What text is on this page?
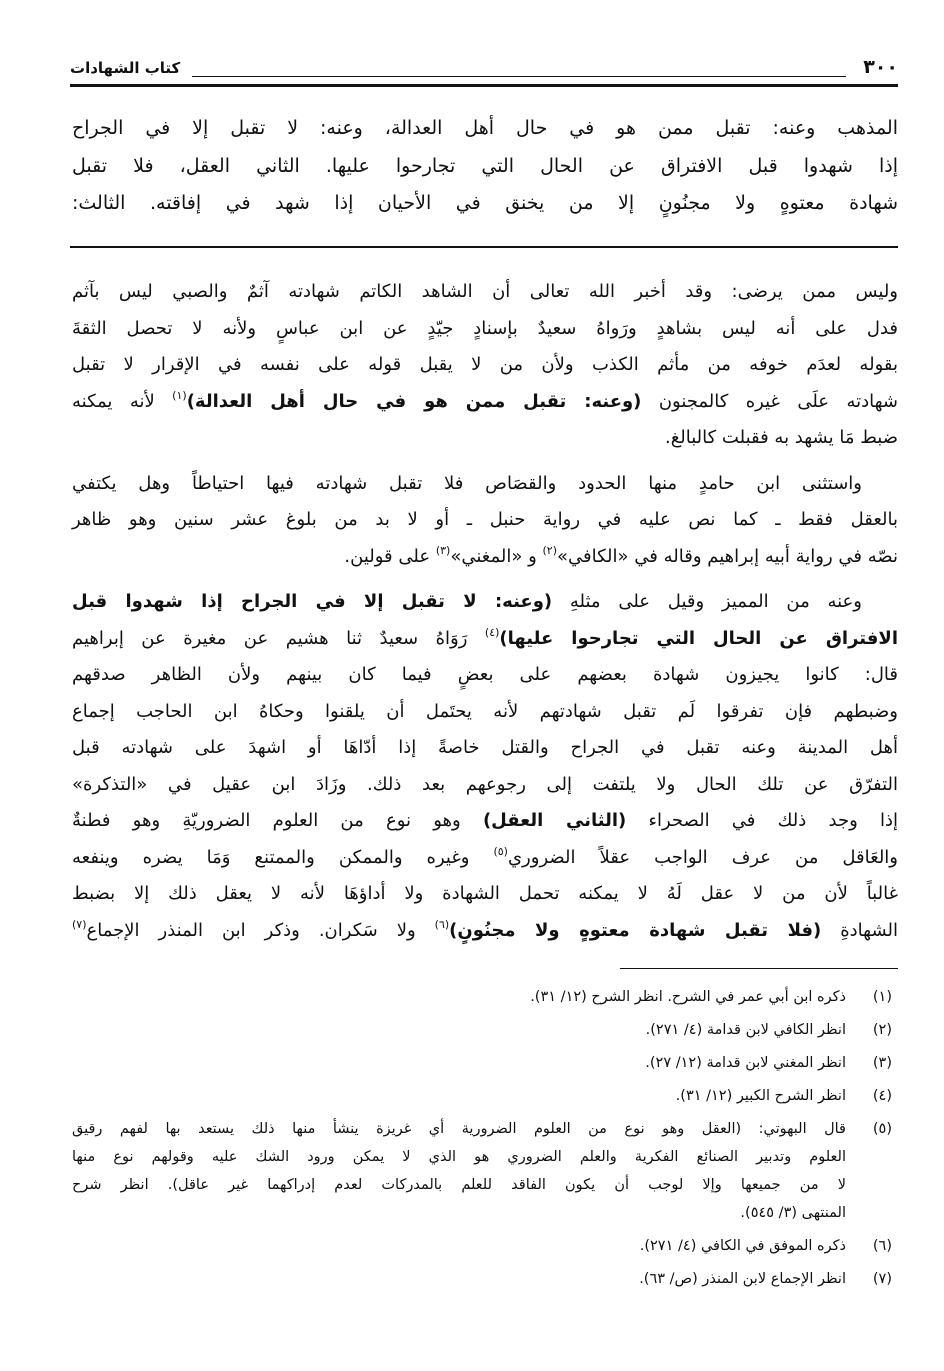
٣٠٠
كتاب الشهادات
المذهب وعنه: تقبل ممن هو في حال أهل العدالة، وعنه: لا تقبل إلا في الجراح
إذا شهدوا قبل الافتراق عن الحال التي تجارحوا عليها. الثاني العقل، فلا تقبل
شهادة معتوهٍ ولا مجنُونٍ إلا من يخنق في الأحيان إذا شهد في إفاقته. الثالث:
وليس ممن يرضى: وقد أخبر الله تعالى أن الشاهد الكاتم شهادته آثمٌ والصبي ليس بآثم
فدل على أنه ليس بشاهدٍ ورَواهُ سعيدٌ بإسنادٍ جيّدٍ عن ابن عباسٍ ولأنه لا تحصل الثقةَ
بقوله لعدَم خوفه من مأثم الكذب ولأن من لا يقبل قوله على نفسه في الإقرار لا تقبل
شهادته علَى غيره كالمجنون (وعنه: تقبل ممن هو في حال أهل العدالة)$^{(١)}$ لأنه يمكنه
ضبط مَا يشهد به فقبلت كالبالغ.
واستثنى ابن حامدٍ منها الحدود والقصَاص فلا تقبل شهادته فيها احتياطاً وهل يكتفي
بالعقل فقط ـ كما نص عليه في رواية حنبل ـ أو لا بد من بلوغ عشر سنين وهو ظاهر
نصّه في رواية أبيه إبراهيم وقاله في «الكافي»$^{(٢)}$ و «المغني»$^{(٣)}$ على قولين.
وعنه من المميز وقيل على مثلهِ (وعنه: لا تقبل إلا في الجراح إذا شهدوا قبل
الافتراق عن الحال التي تجارحوا عليها)$^{(٤)}$ رَوَاهُ سعيدٌ ثنا هشيم عن مغيرة عن إبراهيم
قال: كانوا يجيزون شهادة بعضهم على بعضٍ فيما كان بينهم ولأن الظاهر صدقهم
وضبطهم فإن تفرقوا لَم تقبل شهادتهم لأنه يحتَمل أن يلقنوا وحكاهُ ابن الحاجب إجماع
أهل المدينة وعنه تقبل في الجراح والقتل خاصةً إذا أدّاهَا أو اشهدَ على شهادته قبل
التفرّق عن تلك الحال ولا يلتفت إلى رجوعهم بعد ذلك. وزَادَ ابن عقيل في «التذكرة»
إذا وجد ذلك في الصحراء (الثاني العقل) وهو نوع من العلوم الضروريّةِ وهو فطنةٌ
والعَاقل من عرف الواجب عقلاً الضروري$^{(٥)}$ وغيره والممكن والممتنع وَمَا يضره وينفعه
غالباً لأن من لا عقل لَهُ لا يمكنه تحمل الشهادة ولا أداؤهَا لأنه لا يعقل ذلك إلا بضبط
الشهادةِ (فلا تقبل شهادة معتوهٍ ولا مجنُونٍ)$^{(٦)}$ ولا سَكران. وذكر ابن المنذر الإجماع$^{(٧)}$
(١)
ذكره ابن أبي عمر في الشرح. انظر الشرح (١٢/ ٣١).
(٢)
انظر الكافي لابن قدامة (٤/ ٢٧١).
(٣)
انظر المغني لابن قدامة (١٢/ ٢٧).
(٤)
انظر الشرح الكبير (١٢/ ٣١).
(٥)
قال البهوتي: (العقل وهو نوع من العلوم الضرورية أي غريزة ينشأ منها ذلك يستعد بها لفهم رقيق
العلوم وتدبير الصنائع الفكرية والعلم الضروري هو الذي لا يمكن ورود الشك عليه وقولهم نوع منها
لا من جميعها وإلا لوجب أن يكون الفاقد للعلم بالمدركات لعدم إدراكهما غير عاقل). انظر شرح
المنتهى (٣/ ٥٤٥).
(٦)
ذكره الموفق في الكافي (٤/ ٢٧١).
(٧)
انظر الإجماع لابن المنذر (ص/ ٦٣).
